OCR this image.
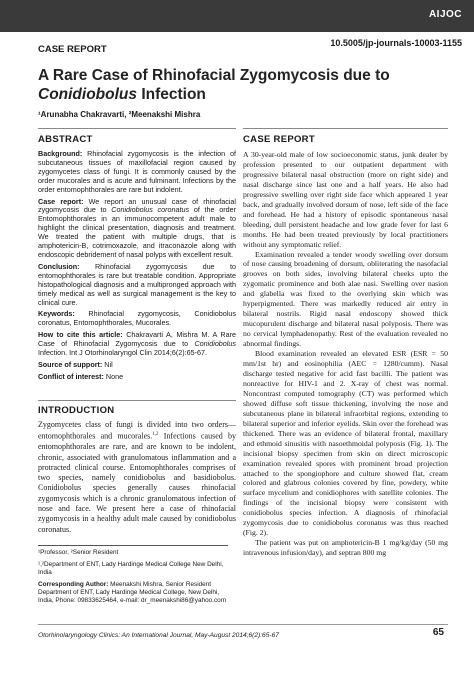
AIJOC
CASE REPORT
10.5005/jp-journals-10003-1155
A Rare Case of Rhinofacial Zygomycosis due to
Conidiobolus Infection
¹Arunabha Chakravarti, ²Meenakshi Mishra
ABSTRACT

Background: Rhinofacial zygomycosis is the infection of subcutaneous tissues of maxillofacial region caused by zygomycetes class of fungi. It is commonly caused by the order mucorales and is acute and fulminant. Infections by the order entomophthorales are rare but indolent.

Case report: We report an unusual case of rhinofacial zygomycosis due to Conidiobolus coronatus of the order Entomophthorales in an immunocompetent adult male to highlight the clinical presentation, diagnosis and treatment. We treated the patient with multiple drugs, that is amphotericin-B, cotrimoxazole, and itraconazole along with endoscopic debridement of nasal polyps with excellent result.

Conclusion: Rhinofacial zygomycosis due to entomophthorales is rare but treatable condition. Appropriate histopathological diagnosis and a multipronged approach with timely medical as well as surgical management is the key to clinical cure.

Keywords: Rhinofacial zygomycosis, Conidiobolus coronatus, Entomophthorales, Mucorales.

How to cite this article: Chakravarti A, Mishra M. A Rare Case of Rhinofacial Zygomycosis due to Conidiobolus Infection. Int J Otorhinolaryngol Clin 2014;6(2):65-67.

Source of support: Nil

Conflict of interest: None

INTRODUCTION

Zygomycetes class of fungi is divided into two orders—entomophthorales and mucorales.$^{1,2}$ Infections caused by entomophthorales are rare, and are known to be indolent, chronic, associated with granulomatous inflammation and a protracted clinical course. Entomophthorales comprises of two species, namely conidiobolus and basidiobolus. Conidiobolus species generally causes rhinofacial zygomycosis which is a chronic granulomatous infection of nose and face. We present here a case of rhinofacial zygomycosis in a healthy adult male caused by conidiobolus coronatus.

¹Professor, ²Senior Resident

¹,²Department of ENT, Lady Hardinge Medical College New Delhi, India

Corresponding Author: Meenakshi Mishra, Senior Resident Department of ENT, Lady Hardinge Medical College, New Delhi, India, Phone: 09833625464, e-mail: dr_meenakshi86@yahoo.com

CASE REPORT

A 30-year-old male of low socioeconomic status, junk dealer by profession presented to our outpatient department with progressive bilateral nasal obstruction (more on right side) and nasal discharge since last one and a half years. He also had progressive swelling over right side face which appeared 1 year back, and gradually involved dorsum of nose, left side of the face and forehead. He had a history of episodic spontaneous nasal bleeding, dull persistent headache and low grade fever for last 6 months. He had been treated previously by local practitioners without any symptomatic relief.

Examination revealed a tender woody swelling over dorsum of nose causing broadening of dorsum, obliterating the nasofacial grooves on both sides, involving bilateral cheeks upto the zygomatic prominence and both alae nasi. Swelling over nasion and glabella was fixed to the overlying skin which was hyperpigmented. There was markedly reduced air entry in bilateral nostrils. Rigid nasal endoscopy showed thick mucopurulent discharge and bilateral nasal polyposis. There was no cervical lymphadenopathy. Rest of the evaluation revealed no abnormal findings.

Blood examination revealed an elevated ESR (ESR = 50 mm/1st hr) and eosinophilia (AEC = 1280/cumm). Nasal discharge tested negative for acid fast bacilli. The patient was nonreactive for HIV-1 and 2. X-ray of chest was normal. Noncontrast computed tomography (CT) was performed which showed diffuse soft tissue thickening, involving the nose and subcutaneous plane in bilateral infraorbital regions, extending to bilateral superior and inferior eyelids. Skin over the forehead was thickened. There was an evidence of bilateral frontal, maxillary and ethmoid sinusitis with nasoethmoidal polyposis (Fig. 1). The incisional biopsy specimen from skin on direct microscopic examination revealed spores with prominent broad projection attached to the spongiophore and culture showed flat, cream colored and glabrous colonies covered by fine, powdery, white surface mycelium and conidiophores with satellite colonies. The findings of the incisional biopsy were consistent with conidiobolus species infection. A diagnosis of rhinofacial zygomycosis due to conidiobolus coronatus was thus reached (Fig. 2).

The patient was put on amphotericin-B 1 mg/kg/day (50 mg intravenous infusion/day), and septran 800 mg

Otorhinolaryngology Clinics: An International Journal, May-August 2014;6(2):65-67	65
